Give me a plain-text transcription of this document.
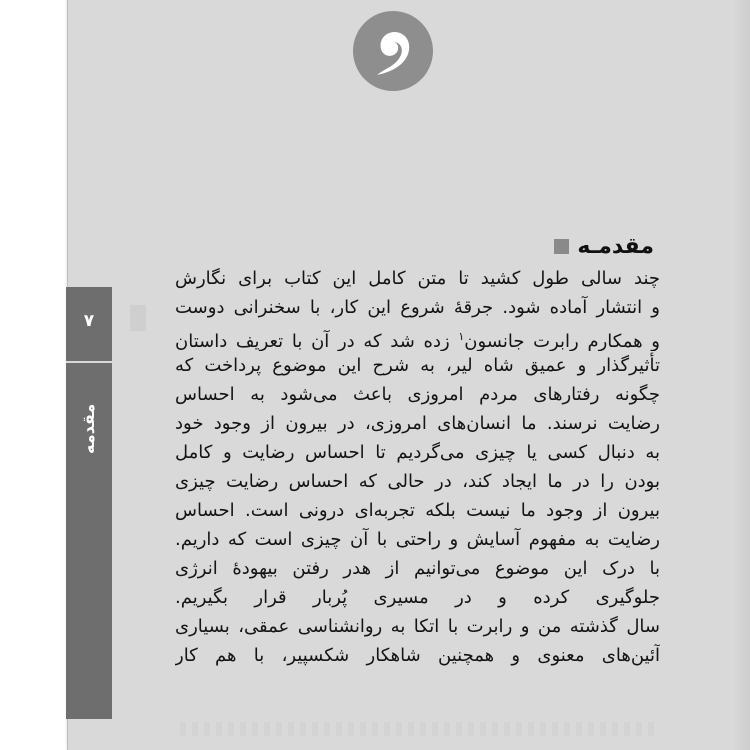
۷
مقدمه
مقدمـه
چند سالی طول کشید تا متن کامل این کتاب برای نگارش
و انتشار آماده شود. جرقهٔ شروع این کار، با سخنرانی دوست
و همکارم رابرت جانسون$^۱$ زده شد که در آن با تعریف داستان
تأثیرگذار و عمیق شاه لیر، به شرح این موضوع پرداخت که
چگونه رفتارهای مردم امروزی باعث می‌شود به احساس
رضایت نرسند. ما انسان‌های امروزی، در بیرون از وجود خود
به دنبال کسی یا چیزی می‌گردیم تا احساس رضایت و کامل
بودن را در ما ایجاد کند، در حالی که احساس رضایت چیزی
بیرون از وجود ما نیست بلکه تجربه‌ای درونی است. احساس
رضایت به مفهوم آسایش و راحتی با آن چیزی است که داریم.
با درک این موضوع می‌توانیم از هدر رفتن بیهودهٔ انرژی
جلوگیری کرده و در مسیری پُربار قرار بگیریم.
سال گذشته من و رابرت با اتکا به روانشناسی عمقی، بسیاری
آئین‌های معنوی و همچنین شاهکار شکسپیر، با هم کار
